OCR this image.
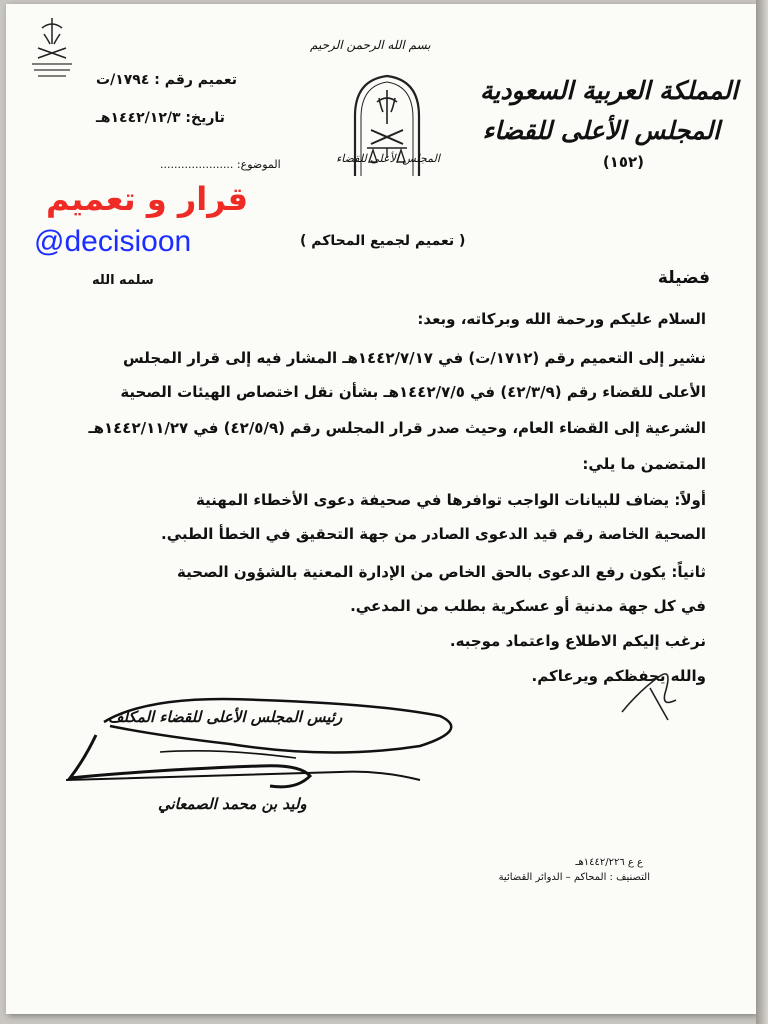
المملكة العربية السعودية
المجلس الأعلى للقضاء
(١٥٢)
بسم الله الرحمن الرحيم
المجلس الأعلى للقضاء
تعميم رقم : ١٧٩٤/ت
تاريخ: ١٤٤٢/١٢/٣هـ
الموضوع: .....................
قرار و تعميم
@decisioon	( تعميم لجميع المحاكم )
فضيلة
سلمه الله
السلام عليكم ورحمة الله وبركاته، وبعد:
نشير إلى التعميم رقم (١٧١٢/ت) في ١٤٤٢/٧/١٧هـ المشار فيه إلى قرار المجلس
الأعلى للقضاء رقم (٤٢/٣/٩) في ١٤٤٢/٧/٥هـ بشأن نقل اختصاص الهيئات الصحية
الشرعية إلى القضاء العام، وحيث صدر قرار المجلس رقم (٤٢/٥/٩) في ١٤٤٢/١١/٢٧هـ
المتضمن ما يلي:
أولاً: يضاف للبيانات الواجب توافرها في صحيفة دعوى الأخطاء المهنية
الصحية الخاصة رقم قيد الدعوى الصادر من جهة التحقيق في الخطأ الطبي.
ثانياً: يكون رفع الدعوى بالحق الخاص من الإدارة المعنية بالشؤون الصحية
في كل جهة مدنية أو عسكرية بطلب من المدعي.
نرغب إليكم الاطلاع واعتماد موجبه.
والله يحفظكم ويرعاكم.
رئيس المجلس الأعلى للقضاء المكلف
وليد بن محمد الصمعاني
ع ع ١٤٤٢/٢٢٦هـ
التصنيف : المحاكم – الدوائر القضائية
